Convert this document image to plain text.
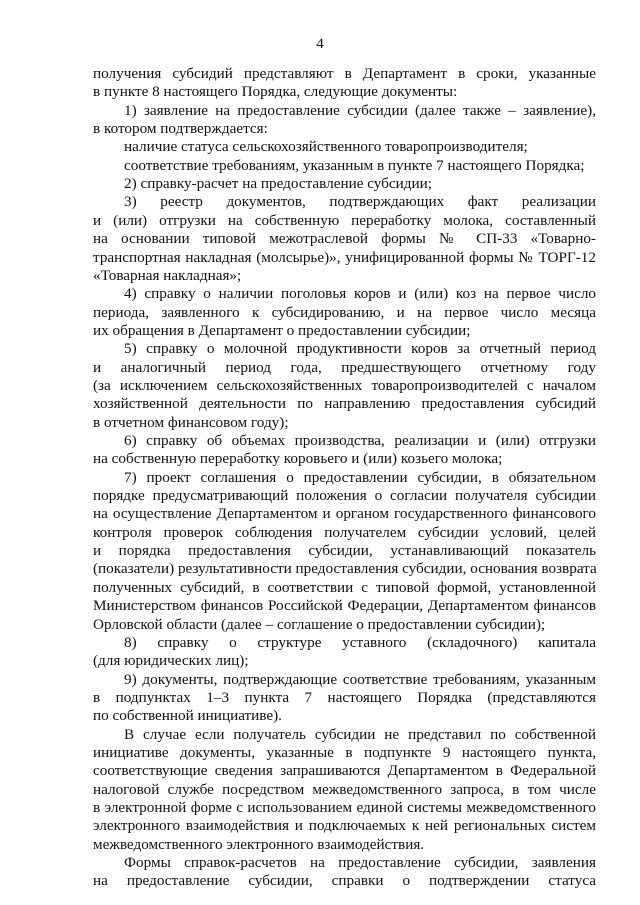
4
получения субсидий представляют в Департамент в сроки, указанные
в пункте 8 настоящего Порядка, следующие документы:
1) заявление на предоставление субсидии (далее также – заявление),
в котором подтверждается:
наличие статуса сельскохозяйственного товаропроизводителя;
соответствие требованиям, указанным в пункте 7 настоящего Порядка;
2) справку-расчет на предоставление субсидии;
3) реестр документов, подтверждающих факт реализации
и (или) отгрузки на собственную переработку молока, составленный
на основании типовой межотраслевой формы № СП-33 «Товарно-
транспортная накладная (молсырье)», унифицированной формы № ТОРГ-12
«Товарная накладная»;
4) справку о наличии поголовья коров и (или) коз на первое число
периода, заявленного к субсидированию, и на первое число месяца
их обращения в Департамент о предоставлении субсидии;
5) справку о молочной продуктивности коров за отчетный период
и аналогичный период года, предшествующего отчетному году
(за исключением сельскохозяйственных товаропроизводителей с началом
хозяйственной деятельности по направлению предоставления субсидий
в отчетном финансовом году);
6) справку об объемах производства, реализации и (или) отгрузки
на собственную переработку коровьего и (или) козьего молока;
7) проект соглашения о предоставлении субсидии, в обязательном
порядке предусматривающий положения о согласии получателя субсидии
на осуществление Департаментом и органом государственного финансового
контроля проверок соблюдения получателем субсидии условий, целей
и порядка предоставления субсидии, устанавливающий показатель
(показатели) результативности предоставления субсидии, основания возврата
полученных субсидий, в соответствии с типовой формой, установленной
Министерством финансов Российской Федерации, Департаментом финансов
Орловской области (далее – соглашение о предоставлении субсидии);
8) справку о структуре уставного (складочного) капитала
(для юридических лиц);
9) документы, подтверждающие соответствие требованиям, указанным
в подпунктах 1–3 пункта 7 настоящего Порядка (представляются
по собственной инициативе).
В случае если получатель субсидии не представил по собственной
инициативе документы, указанные в подпункте 9 настоящего пункта,
соответствующие сведения запрашиваются Департаментом в Федеральной
налоговой службе посредством межведомственного запроса, в том числе
в электронной форме с использованием единой системы межведомственного
электронного взаимодействия и подключаемых к ней региональных систем
межведомственного электронного взаимодействия.
Формы справок-расчетов на предоставление субсидии, заявления
на предоставление субсидии, справки о подтверждении статуса
